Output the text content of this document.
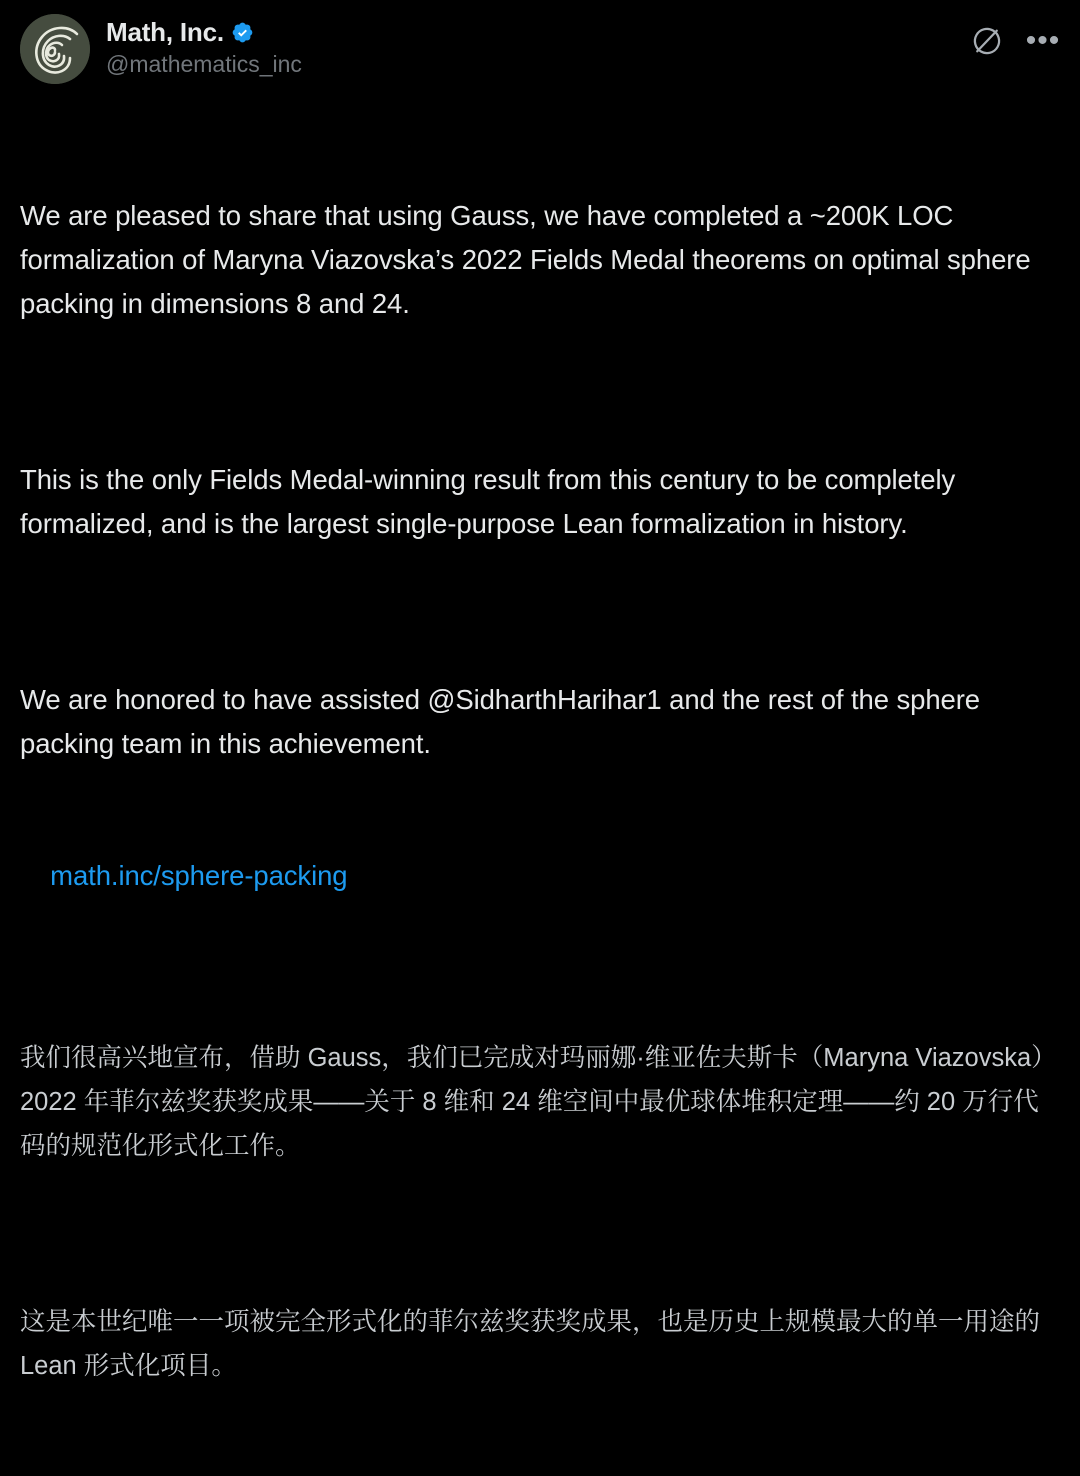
Math, Inc.
@mathematics_inc
•••

We are pleased to share that using Gauss, we have completed a ~200K LOC formalization of Maryna Viazovska’s 2022 Fields Medal theorems on optimal sphere packing in dimensions 8 and 24.

This is the only Fields Medal-winning result from this century to be completely formalized, and is the largest single-purpose Lean formalization in history.

We are honored to have assisted @SidharthHarihar1 and the rest of the sphere packing team in this achievement.

math.inc/sphere-packing

我们很高兴地宣布，借助 Gauss，我们已完成对玛丽娜·维亚佐夫斯卡（Maryna Viazovska）2022 年菲尔兹奖获奖成果——关于 8 维和 24 维空间中最优球体堆积定理——约 20 万行代码的规范化形式化工作。

这是本世纪唯一一项被完全形式化的菲尔兹奖获奖成果，也是历史上规模最大的单一用途的 Lean 形式化项目。
